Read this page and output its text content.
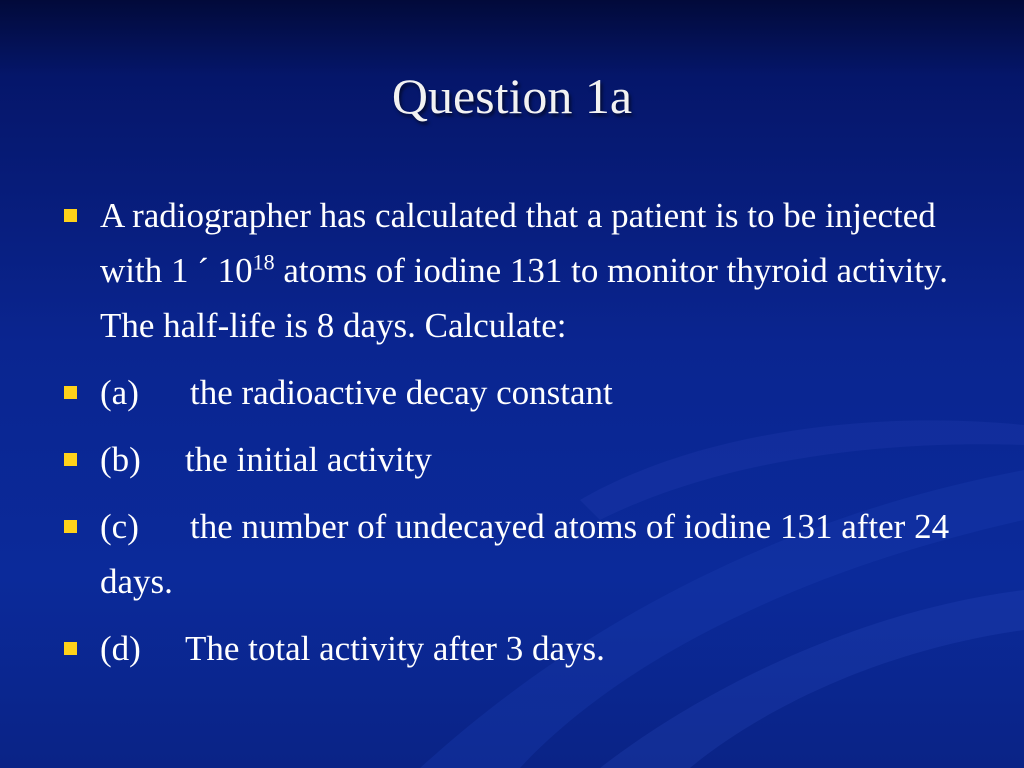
Question 1a
A radiographer has calculated that a patient is to be injected with 1 ´ $10^{18}$ atoms of iodine 131 to monitor thyroid activity. The half-life is 8 days. Calculate:
(a) the radioactive decay constant
(b) the initial activity
(c) the number of undecayed atoms of iodine 131 after 24 days.
(d) The total activity after 3 days.
